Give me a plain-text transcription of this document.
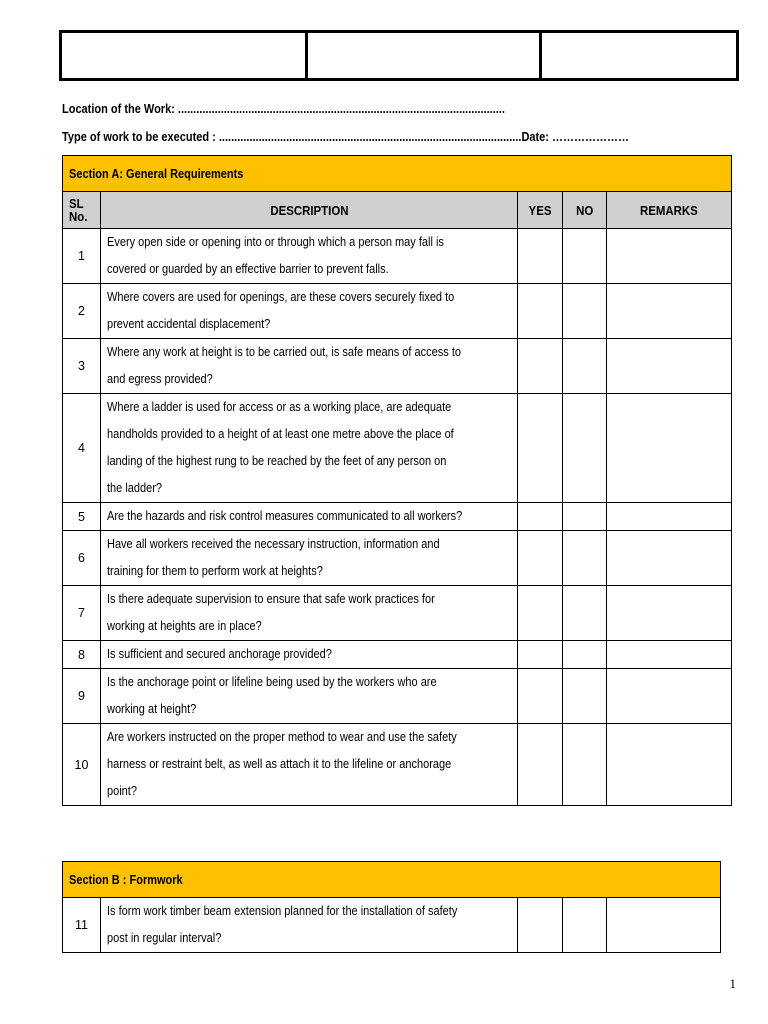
Location of the Work: ...........................................................................................................
Type of work to be executed : ...................................................................................................Date: …………………
Section A: General Requirements				
SL
No.	DESCRIPTION	YES	NO	REMARKS
1	Every open side or opening into or through which a person may fall is
covered or guarded by an effective barrier to prevent falls.			
2	Where covers are used for openings, are these covers securely fixed to
prevent accidental displacement?			
3	Where any work at height is to be carried out, is safe means of access to
and egress provided?			
4	Where a ladder is used for access or as a working place, are adequate
handholds provided to a height of at least one metre above the place of
landing of the highest rung to be reached by the feet of any person on
the ladder?			
5	Are the hazards and risk control measures communicated to all workers?			
6	Have all workers received the necessary instruction, information and
training for them to perform work at heights?			
7	Is there adequate supervision to ensure that safe work practices for
working at heights are in place?			
8	Is sufficient and secured anchorage provided?			
9	Is the anchorage point or lifeline being used by the workers who are
working at height?			
10	Are workers instructed on the proper method to wear and use the safety
harness or restraint belt, as well as attach it to the lifeline or anchorage
point?			
Section B : Formwork
11	Is form work timber beam extension planned for the installation of safety
post in regular interval?			
1
